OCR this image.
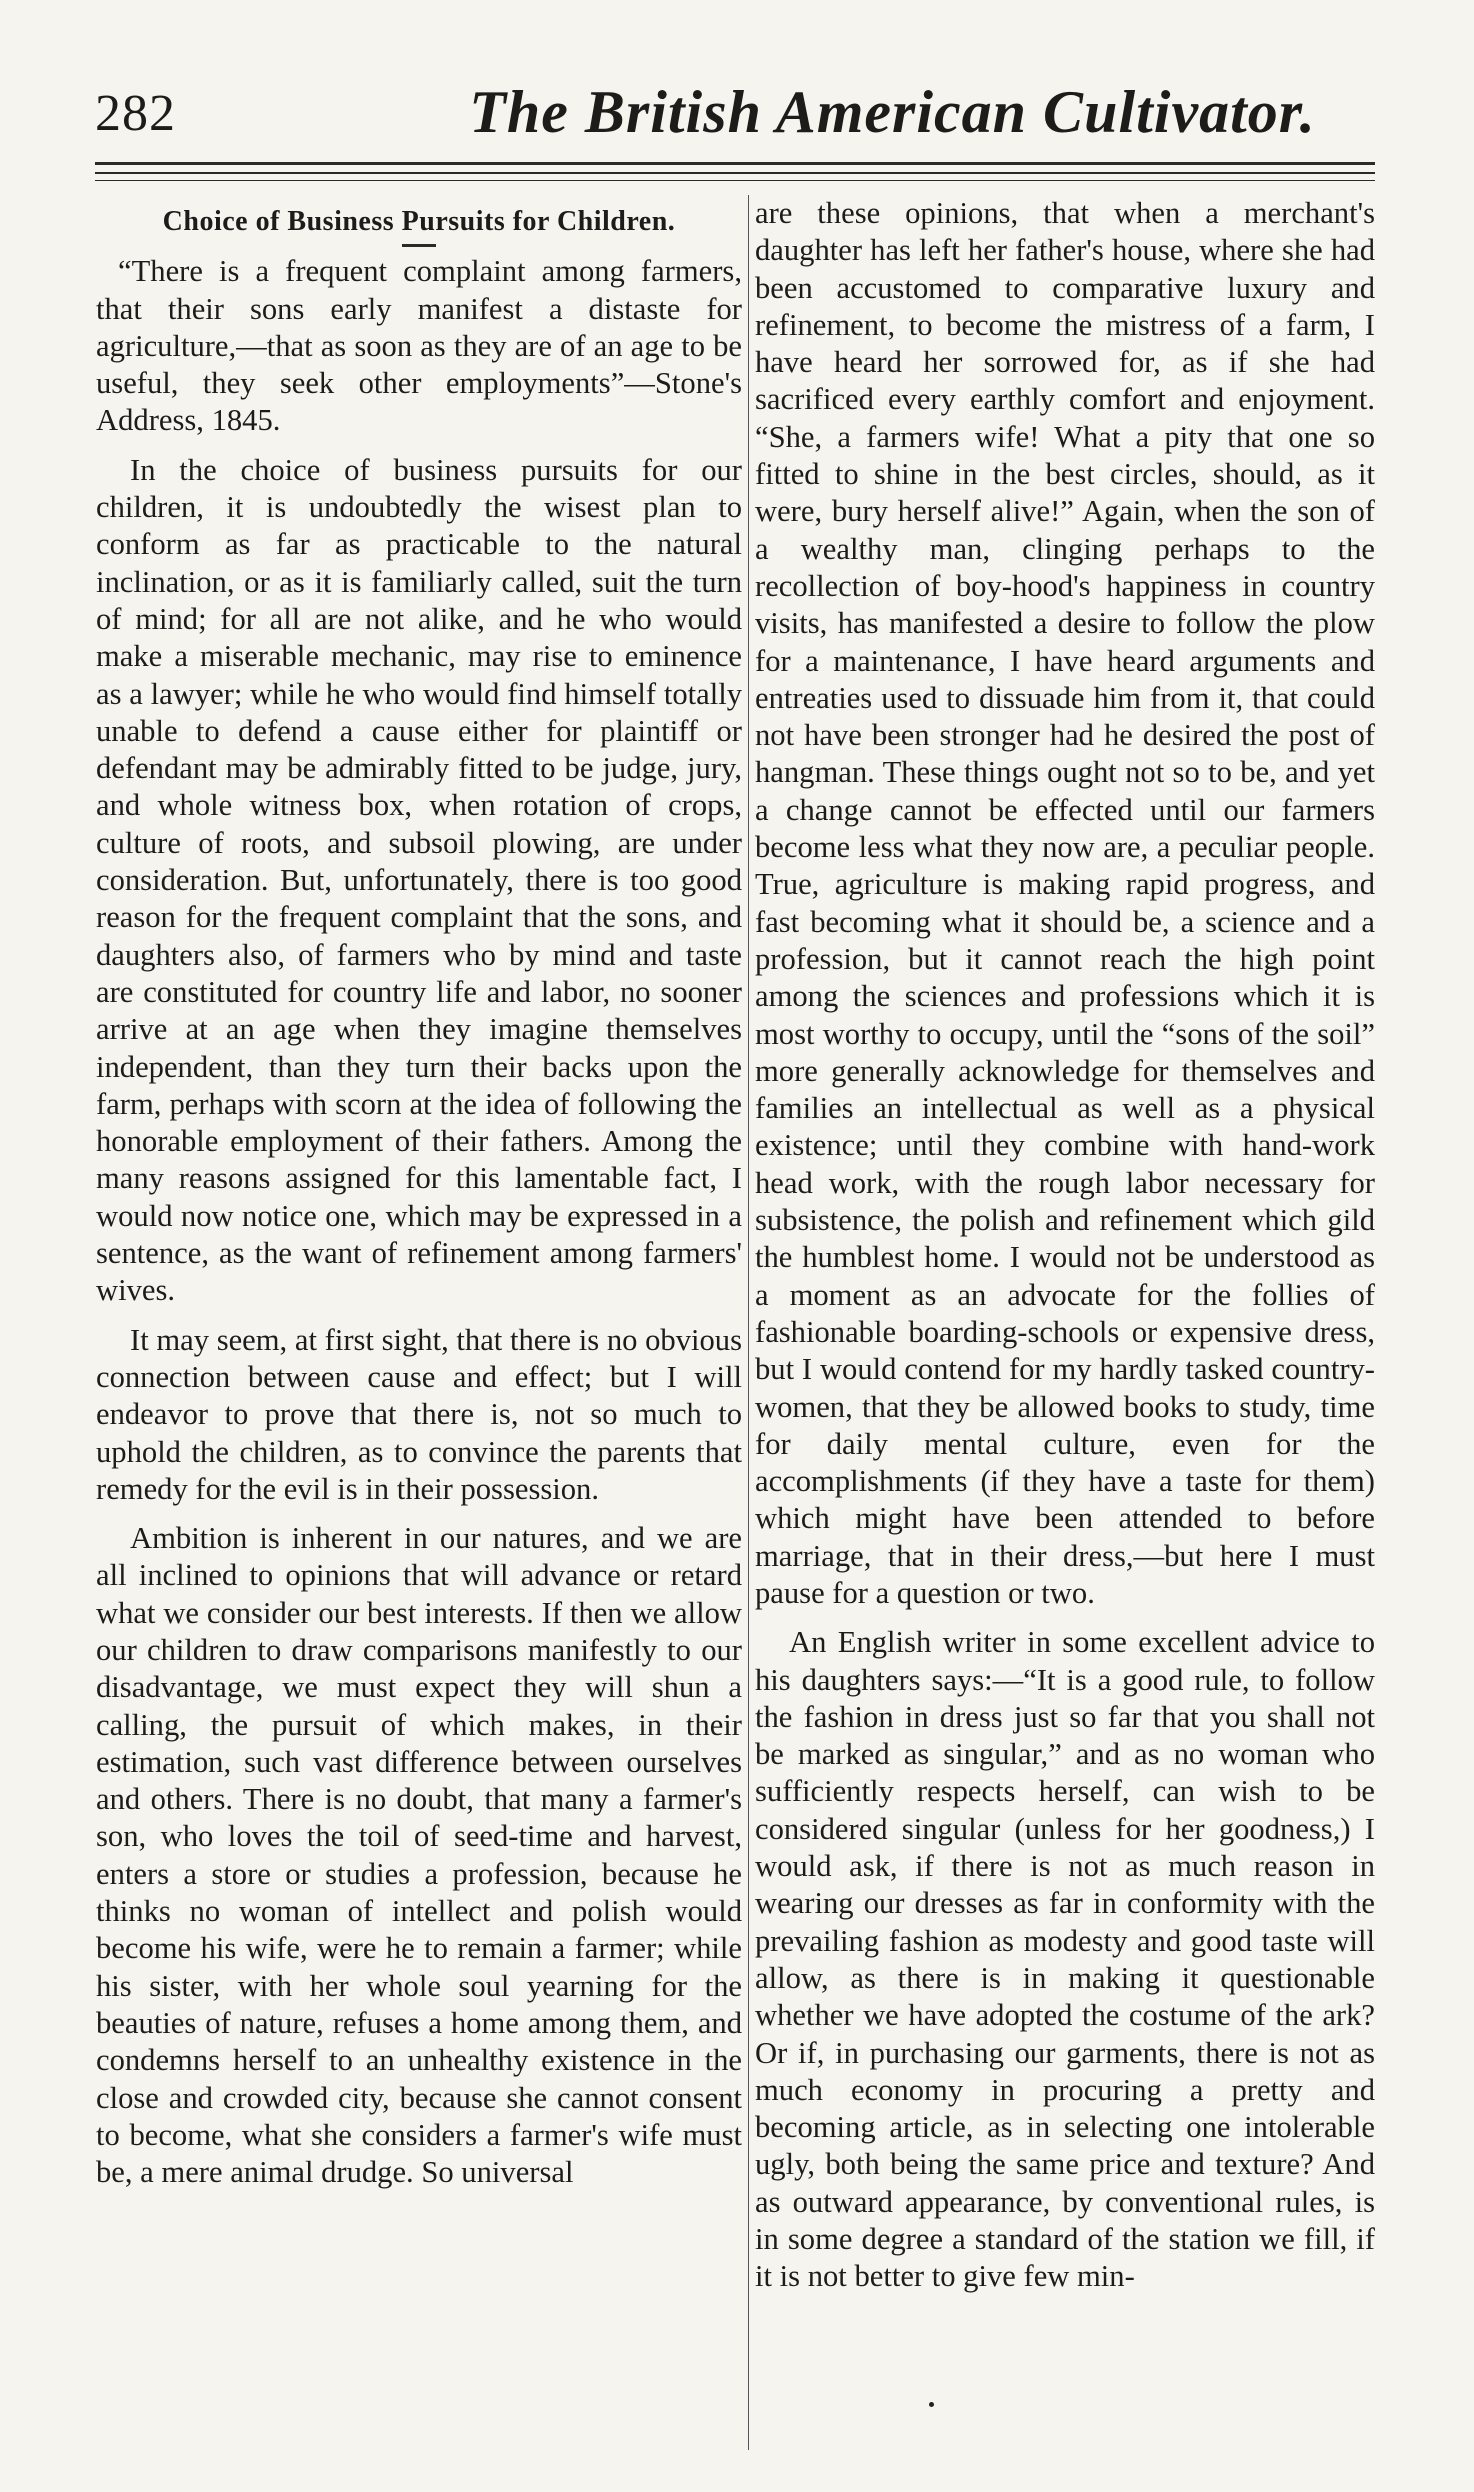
282	The British American Cultivator.
Choice of Business Pursuits for Children.

“There is a frequent complaint among farmers, that their sons early manifest a distaste for agriculture,—that as soon as they are of an age to be useful, they seek other employments”—Stone's Address, 1845.

In the choice of business pursuits for our children, it is undoubtedly the wisest plan to conform as far as practicable to the natural inclination, or as it is familiarly called, suit the turn of mind; for all are not alike, and he who would make a miserable mechanic, may rise to eminence as a lawyer; while he who would find himself totally unable to defend a cause either for plaintiff or defendant may be admirably fitted to be judge, jury, and whole witness box, when rotation of crops, culture of roots, and subsoil plowing, are under consideration. But, unfortunately, there is too good reason for the frequent complaint that the sons, and daughters also, of farmers who by mind and taste are constituted for country life and labor, no sooner arrive at an age when they imagine themselves independent, than they turn their backs upon the farm, perhaps with scorn at the idea of following the honorable employment of their fathers. Among the many reasons assigned for this lamentable fact, I would now notice one, which may be expressed in a sentence, as the want of refinement among farmers' wives.

It may seem, at first sight, that there is no obvious connection between cause and effect; but I will endeavor to prove that there is, not so much to uphold the children, as to convince the parents that remedy for the evil is in their possession.

Ambition is inherent in our natures, and we are all inclined to opinions that will advance or retard what we consider our best interests. If then we allow our children to draw comparisons manifestly to our disadvantage, we must expect they will shun a calling, the pursuit of which makes, in their estimation, such vast difference between ourselves and others. There is no doubt, that many a farmer's son, who loves the toil of seed-time and harvest, enters a store or studies a profession, because he thinks no woman of intellect and polish would become his wife, were he to remain a farmer; while his sister, with her whole soul yearning for the beauties of nature, refuses a home among them, and condemns herself to an unhealthy existence in the close and crowded city, because she cannot consent to become, what she considers a farmer's wife must be, a mere animal drudge. So universal

are these opinions, that when a merchant's daughter has left her father's house, where she had been accustomed to comparative luxury and refinement, to become the mistress of a farm, I have heard her sorrowed for, as if she had sacrificed every earthly comfort and enjoyment. “She, a farmers wife! What a pity that one so fitted to shine in the best circles, should, as it were, bury herself alive!” Again, when the son of a wealthy man, clinging perhaps to the recollection of boy-hood's happiness in country visits, has manifested a desire to follow the plow for a maintenance, I have heard arguments and entreaties used to dissuade him from it, that could not have been stronger had he desired the post of hangman. These things ought not so to be, and yet a change cannot be effected until our farmers become less what they now are, a peculiar people. True, agriculture is making rapid progress, and fast becoming what it should be, a science and a profession, but it cannot reach the high point among the sciences and professions which it is most worthy to occupy, until the “sons of the soil” more generally acknowledge for themselves and families an intellectual as well as a physical existence; until they combine with hand-work head work, with the rough labor necessary for subsistence, the polish and refinement which gild the humblest home. I would not be understood as a moment as an advocate for the follies of fashionable boarding-schools or expensive dress, but I would contend for my hardly tasked country-women, that they be allowed books to study, time for daily mental culture, even for the accomplishments (if they have a taste for them) which might have been attended to before marriage, that in their dress,—but here I must pause for a question or two.

An English writer in some excellent advice to his daughters says:—“It is a good rule, to follow the fashion in dress just so far that you shall not be marked as singular,” and as no woman who sufficiently respects herself, can wish to be considered singular (unless for her goodness,) I would ask, if there is not as much reason in wearing our dresses as far in conformity with the prevailing fashion as modesty and good taste will allow, as there is in making it questionable whether we have adopted the costume of the ark? Or if, in purchasing our garments, there is not as much economy in procuring a pretty and becoming article, as in selecting one intolerable ugly, both being the same price and texture? And as outward appearance, by conventional rules, is in some degree a standard of the station we fill, if it is not better to give few min-
